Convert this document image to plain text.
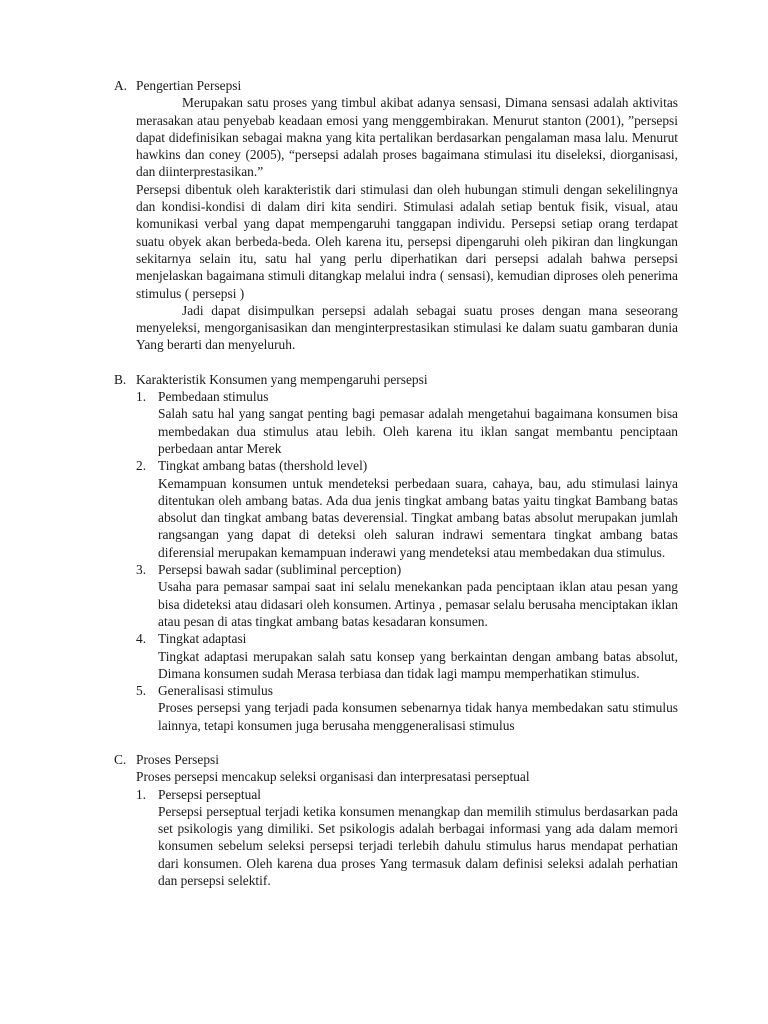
A. Pengertian Persepsi

Merupakan satu proses yang timbul akibat adanya sensasi, Dimana sensasi adalah aktivitas merasakan atau penyebab keadaan emosi yang menggembirakan. Menurut stanton (2001), ”persepsi dapat didefinisikan sebagai makna yang kita pertalikan berdasarkan pengalaman masa lalu. Menurut hawkins dan coney (2005), “persepsi adalah proses bagaimana stimulasi itu diseleksi, diorganisasi, dan diinterprestasikan.”

Persepsi dibentuk oleh karakteristik dari stimulasi dan oleh hubungan stimuli dengan sekelilingnya dan kondisi-kondisi di dalam diri kita sendiri. Stimulasi adalah setiap bentuk fisik, visual, atau komunikasi verbal yang dapat mempengaruhi tanggapan individu. Persepsi setiap orang terdapat suatu obyek akan berbeda-beda. Oleh karena itu, persepsi dipengaruhi oleh pikiran dan lingkungan sekitarnya selain itu, satu hal yang perlu diperhatikan dari persepsi adalah bahwa persepsi menjelaskan bagaimana stimuli ditangkap melalui indra ( sensasi), kemudian diproses oleh penerima stimulus ( persepsi )

Jadi dapat disimpulkan persepsi adalah sebagai suatu proses dengan mana seseorang menyeleksi, mengorganisasikan dan menginterprestasikan stimulasi ke dalam suatu gambaran dunia Yang berarti dan menyeluruh.

B. Karakteristik Konsumen yang mempengaruhi persepsi
1. Pembedaan stimulus
Salah satu hal yang sangat penting bagi pemasar adalah mengetahui bagaimana konsumen bisa membedakan dua stimulus atau lebih. Oleh karena itu iklan sangat membantu penciptaan perbedaan antar Merek
2. Tingkat ambang batas (thershold level)
Kemampuan konsumen untuk mendeteksi perbedaan suara, cahaya, bau, adu stimulasi lainya ditentukan oleh ambang batas. Ada dua jenis tingkat ambang batas yaitu tingkat Bambang batas absolut dan tingkat ambang batas deverensial. Tingkat ambang batas absolut merupakan jumlah rangsangan yang dapat di deteksi oleh saluran indrawi sementara tingkat ambang batas diferensial merupakan kemampuan inderawi yang mendeteksi atau membedakan dua stimulus.
3. Persepsi bawah sadar (subliminal perception)
Usaha para pemasar sampai saat ini selalu menekankan pada penciptaan iklan atau pesan yang bisa dideteksi atau didasari oleh konsumen. Artinya , pemasar selalu berusaha menciptakan iklan atau pesan di atas tingkat ambang batas kesadaran konsumen.
4. Tingkat adaptasi
Tingkat adaptasi merupakan salah satu konsep yang berkaintan dengan ambang batas absolut, Dimana konsumen sudah Merasa terbiasa dan tidak lagi mampu memperhatikan stimulus.
5. Generalisasi stimulus
Proses persepsi yang terjadi pada konsumen sebenarnya tidak hanya membedakan satu stimulus lainnya, tetapi konsumen juga berusaha menggeneralisasi stimulus
C. Proses Persepsi

Proses persepsi mencakup seleksi organisasi dan interpresatasi perseptual

1. Persepsi perseptual
Persepsi perseptual terjadi ketika konsumen menangkap dan memilih stimulus berdasarkan pada set psikologis yang dimiliki. Set psikologis adalah berbagai informasi yang ada dalam memori konsumen sebelum seleksi persepsi terjadi terlebih dahulu stimulus harus mendapat perhatian dari konsumen. Oleh karena dua proses Yang termasuk dalam definisi seleksi adalah perhatian dan persepsi selektif.
